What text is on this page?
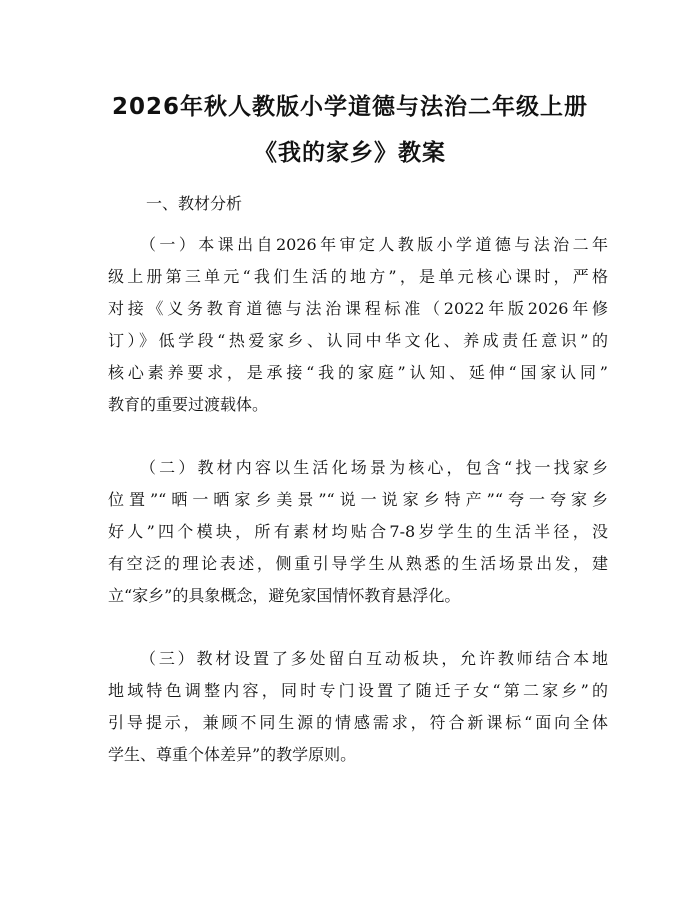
2026年秋人教版小学道德与法治二年级上册
《我的家乡》教案
一、教材分析
（一）本课出自2026年审定人教版小学道德与法治二年
级上册第三单元“我们生活的地方”，是单元核心课时，严格
对接《义务教育道德与法治课程标准（2022年版2026年修
订）》低学段“热爱家乡、认同中华文化、养成责任意识”的
核心素养要求，是承接“我的家庭”认知、延伸“国家认同”
教育的重要过渡载体。
（二）教材内容以生活化场景为核心，包含“找一找家乡
位置”“晒一晒家乡美景”“说一说家乡特产”“夸一夸家乡
好人”四个模块，所有素材均贴合7-8岁学生的生活半径，没
有空泛的理论表述，侧重引导学生从熟悉的生活场景出发，建
立“家乡”的具象概念，避免家国情怀教育悬浮化。
（三）教材设置了多处留白互动板块，允许教师结合本地
地域特色调整内容，同时专门设置了随迁子女“第二家乡”的
引导提示，兼顾不同生源的情感需求，符合新课标“面向全体
学生、尊重个体差异”的教学原则。
